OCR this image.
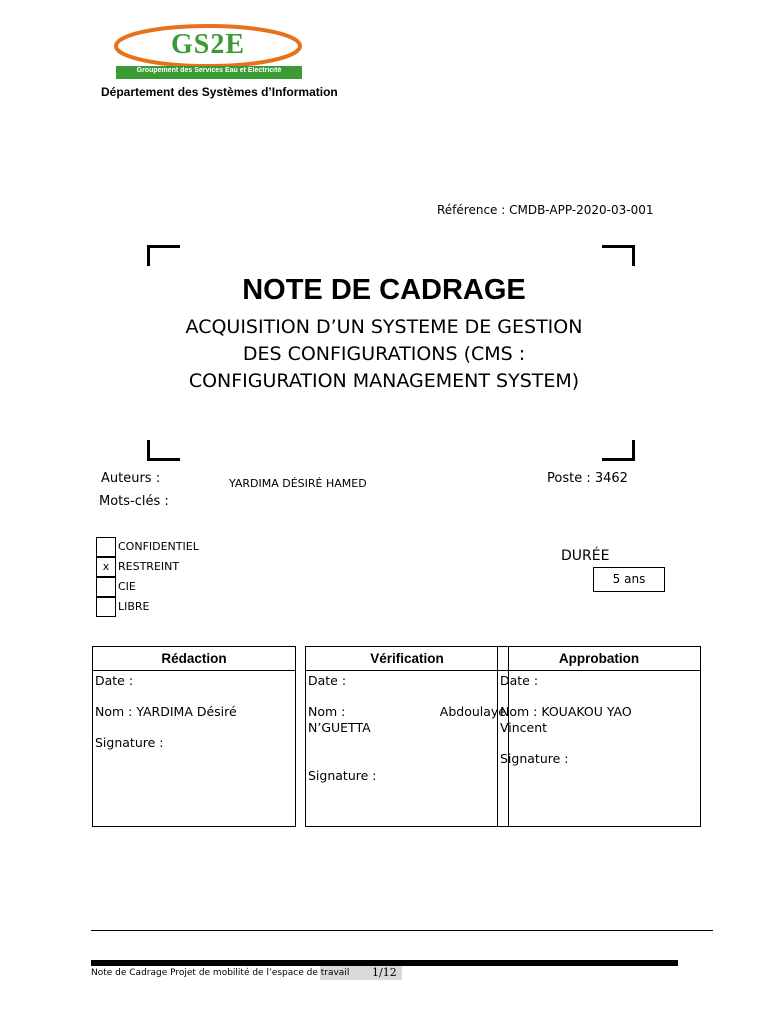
GS2E
Groupement des Services Eau et Electricité
Département des Systèmes d’Information
Référence : CMDB-APP-2020-03-001
NOTE DE CADRAGE
ACQUISITION D’UN SYSTEME DE GESTION
DES CONFIGURATIONS (CMS :
CONFIGURATION MANAGEMENT SYSTEM)
Auteurs :	YARDIMA DÉSIRÉ HAMED
Mots-clés :
Poste : 3462
CONFIDENTIEL
x RESTREINT
CIE
LIBRE
DURÉE
5 ans
Rédaction
Date :
Nom : YARDIMA Désiré
Signature :
Vérification
Date :
Nom :	Abdoulaye
N’GUETTA
Signature :
Approbation
Date :
Nom : KOUAKOU YAO
Vincent
Signature :
Note de Cadrage Projet de mobilité de l’espace de travail 1/12
